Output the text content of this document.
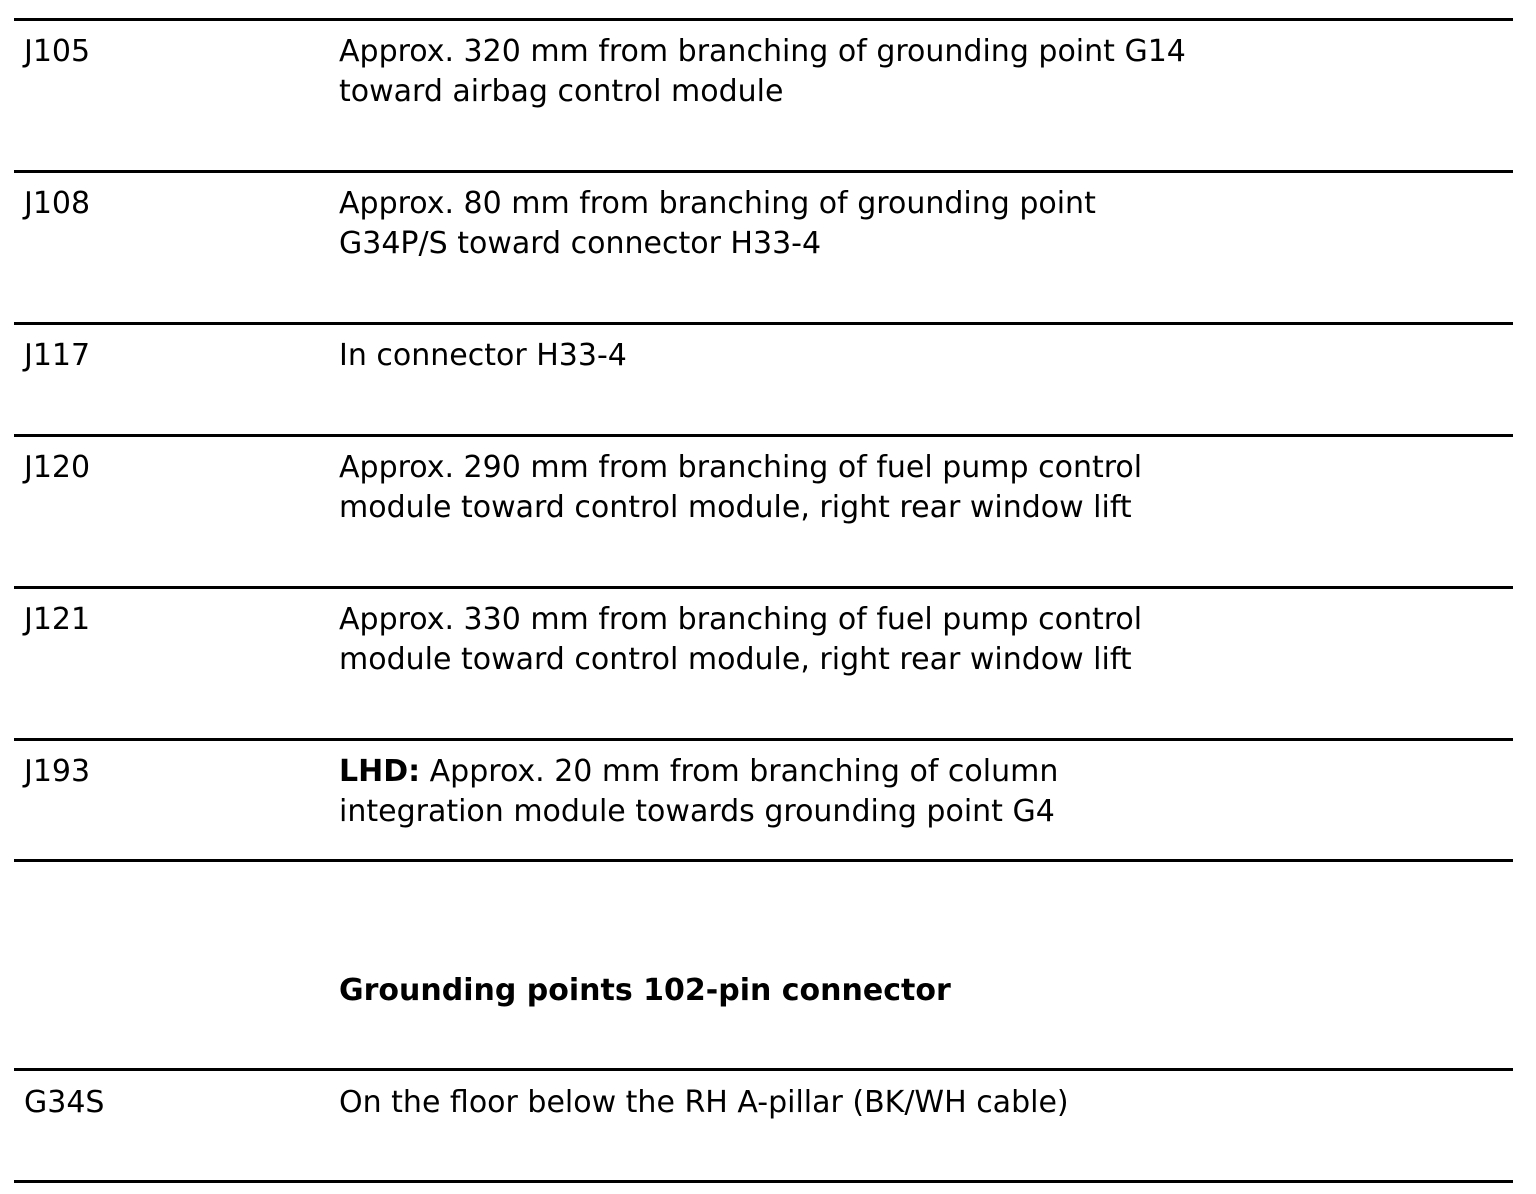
J105	Approx. 320 mm from branching of grounding point G14
toward airbag control module
J108	Approx. 80 mm from branching of grounding point
G34P/S toward connector H33-4
J117	In connector H33-4
J120	Approx. 290 mm from branching of fuel pump control
module toward control module, right rear window lift
J121	Approx. 330 mm from branching of fuel pump control
module toward control module, right rear window lift
J193	LHD: Approx. 20 mm from branching of column
integration module towards grounding point G4
Grounding points 102-pin connector
G34S	On the floor below the RH A-pillar (BK/WH cable)
